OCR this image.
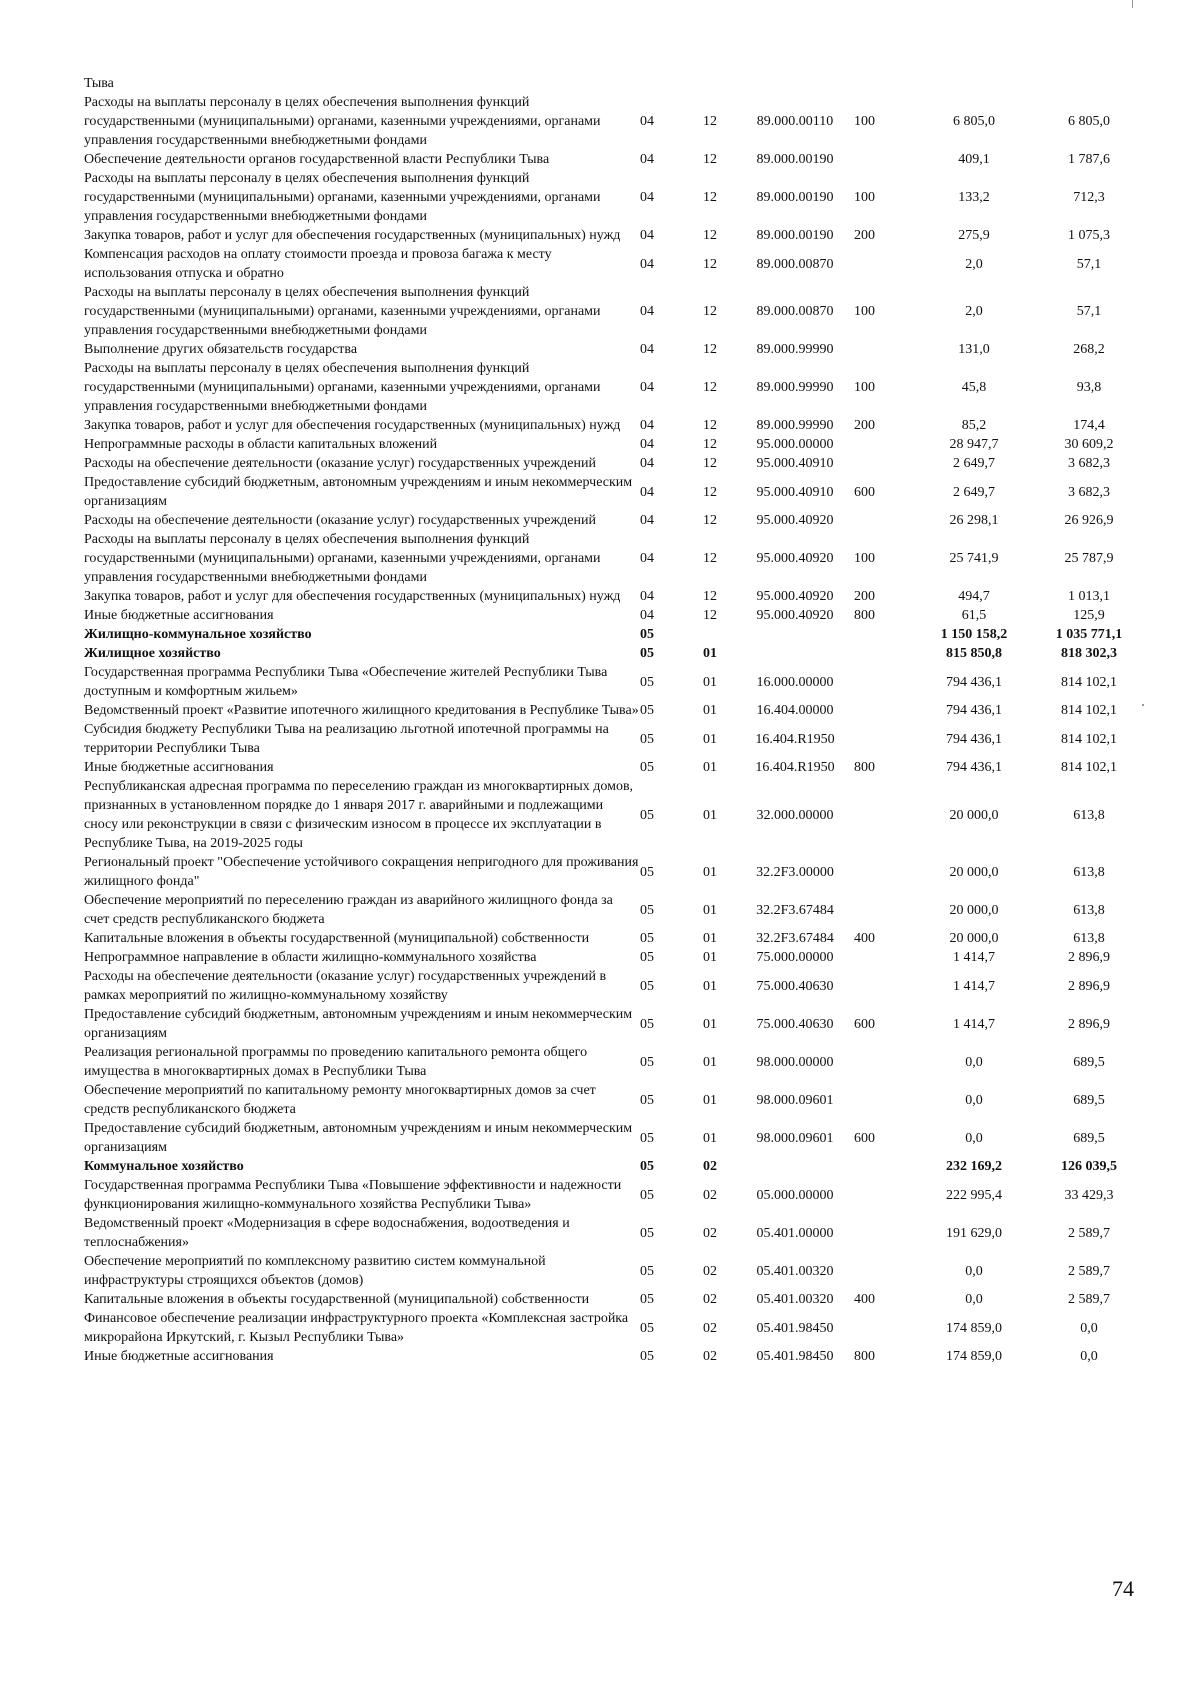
Тыва						
Расходы на выплаты персоналу в целях обеспечения выполнения функций государственными (муниципальными) органами, казенными учреждениями, органами управления государственными внебюджетными фондами	04	12	89.000.00110	100	6 805,0	6 805,0
Обеспечение деятельности органов государственной власти Республики Тыва	04	12	89.000.00190		409,1	1 787,6
Расходы на выплаты персоналу в целях обеспечения выполнения функций государственными (муниципальными) органами, казенными учреждениями, органами управления государственными внебюджетными фондами	04	12	89.000.00190	100	133,2	712,3
Закупка товаров, работ и услуг для обеспечения государственных (муниципальных) нужд	04	12	89.000.00190	200	275,9	1 075,3
Компенсация расходов на оплату стоимости проезда и провоза багажа к месту использования отпуска и обратно	04	12	89.000.00870		2,0	57,1
Расходы на выплаты персоналу в целях обеспечения выполнения функций государственными (муниципальными) органами, казенными учреждениями, органами управления государственными внебюджетными фондами	04	12	89.000.00870	100	2,0	57,1
Выполнение других обязательств государства	04	12	89.000.99990		131,0	268,2
Расходы на выплаты персоналу в целях обеспечения выполнения функций государственными (муниципальными) органами, казенными учреждениями, органами управления государственными внебюджетными фондами	04	12	89.000.99990	100	45,8	93,8
Закупка товаров, работ и услуг для обеспечения государственных (муниципальных) нужд	04	12	89.000.99990	200	85,2	174,4
Непрограммные расходы в области капитальных вложений	04	12	95.000.00000		28 947,7	30 609,2
Расходы на обеспечение деятельности (оказание услуг) государственных учреждений	04	12	95.000.40910		2 649,7	3 682,3
Предоставление субсидий бюджетным, автономным учреждениям и иным некоммерческим организациям	04	12	95.000.40910	600	2 649,7	3 682,3
Расходы на обеспечение деятельности (оказание услуг) государственных учреждений	04	12	95.000.40920		26 298,1	26 926,9
Расходы на выплаты персоналу в целях обеспечения выполнения функций государственными (муниципальными) органами, казенными учреждениями, органами управления государственными внебюджетными фондами	04	12	95.000.40920	100	25 741,9	25 787,9
Закупка товаров, работ и услуг для обеспечения государственных (муниципальных) нужд	04	12	95.000.40920	200	494,7	1 013,1
Иные бюджетные ассигнования	04	12	95.000.40920	800	61,5	125,9
Жилищно-коммунальное хозяйство	05				1 150 158,2	1 035 771,1
Жилищное хозяйство	05	01			815 850,8	818 302,3
Государственная программа Республики Тыва «Обеспечение жителей Республики Тыва доступным и комфортным жильем»	05	01	16.000.00000		794 436,1	814 102,1
Ведомственный проект «Развитие ипотечного жилищного кредитования в Республике Тыва»	05	01	16.404.00000		794 436,1	814 102,1
Субсидия бюджету Республики Тыва на реализацию льготной ипотечной программы на территории Республики Тыва	05	01	16.404.R1950		794 436,1	814 102,1
Иные бюджетные ассигнования	05	01	16.404.R1950	800	794 436,1	814 102,1
Республиканская адресная программа по переселению граждан из многоквартирных домов, признанных в установленном порядке до 1 января 2017 г. аварийными и подлежащими сносу или реконструкции в связи с физическим износом в процессе их эксплуатации в Республике Тыва, на 2019-2025 годы	05	01	32.000.00000		20 000,0	613,8
Региональный проект "Обеспечение устойчивого сокращения непригодного для проживания жилищного фонда"	05	01	32.2F3.00000		20 000,0	613,8
Обеспечение мероприятий по переселению граждан из аварийного жилищного фонда за счет средств республиканского бюджета	05	01	32.2F3.67484		20 000,0	613,8
Капитальные вложения в объекты государственной (муниципальной) собственности	05	01	32.2F3.67484	400	20 000,0	613,8
Непрограммное направление в области жилищно-коммунального хозяйства	05	01	75.000.00000		1 414,7	2 896,9
Расходы на обеспечение деятельности (оказание услуг) государственных учреждений в рамках мероприятий по жилищно-коммунальному хозяйству	05	01	75.000.40630		1 414,7	2 896,9
Предоставление субсидий бюджетным, автономным учреждениям и иным некоммерческим организациям	05	01	75.000.40630	600	1 414,7	2 896,9
Реализация региональной программы по проведению капитального ремонта общего имущества в многоквартирных домах в Республики Тыва	05	01	98.000.00000		0,0	689,5
Обеспечение мероприятий по капитальному ремонту многоквартирных домов за счет средств республиканского бюджета	05	01	98.000.09601		0,0	689,5
Предоставление субсидий бюджетным, автономным учреждениям и иным некоммерческим организациям	05	01	98.000.09601	600	0,0	689,5
Коммунальное хозяйство	05	02			232 169,2	126 039,5
Государственная программа Республики Тыва «Повышение эффективности и надежности функционирования жилищно-коммунального хозяйства Республики Тыва»	05	02	05.000.00000		222 995,4	33 429,3
Ведомственный проект «Модернизация в сфере водоснабжения, водоотведения и теплоснабжения»	05	02	05.401.00000		191 629,0	2 589,7
Обеспечение мероприятий по комплексному развитию систем коммунальной инфраструктуры строящихся объектов (домов)	05	02	05.401.00320		0,0	2 589,7
Капитальные вложения в объекты государственной (муниципальной) собственности	05	02	05.401.00320	400	0,0	2 589,7
Финансовое обеспечение реализации инфраструктурного проекта «Комплексная застройка микрорайона Иркутский, г. Кызыл Республики Тыва»	05	02	05.401.98450		174 859,0	0,0
Иные бюджетные ассигнования	05	02	05.401.98450	800	174 859,0	0,0
74
